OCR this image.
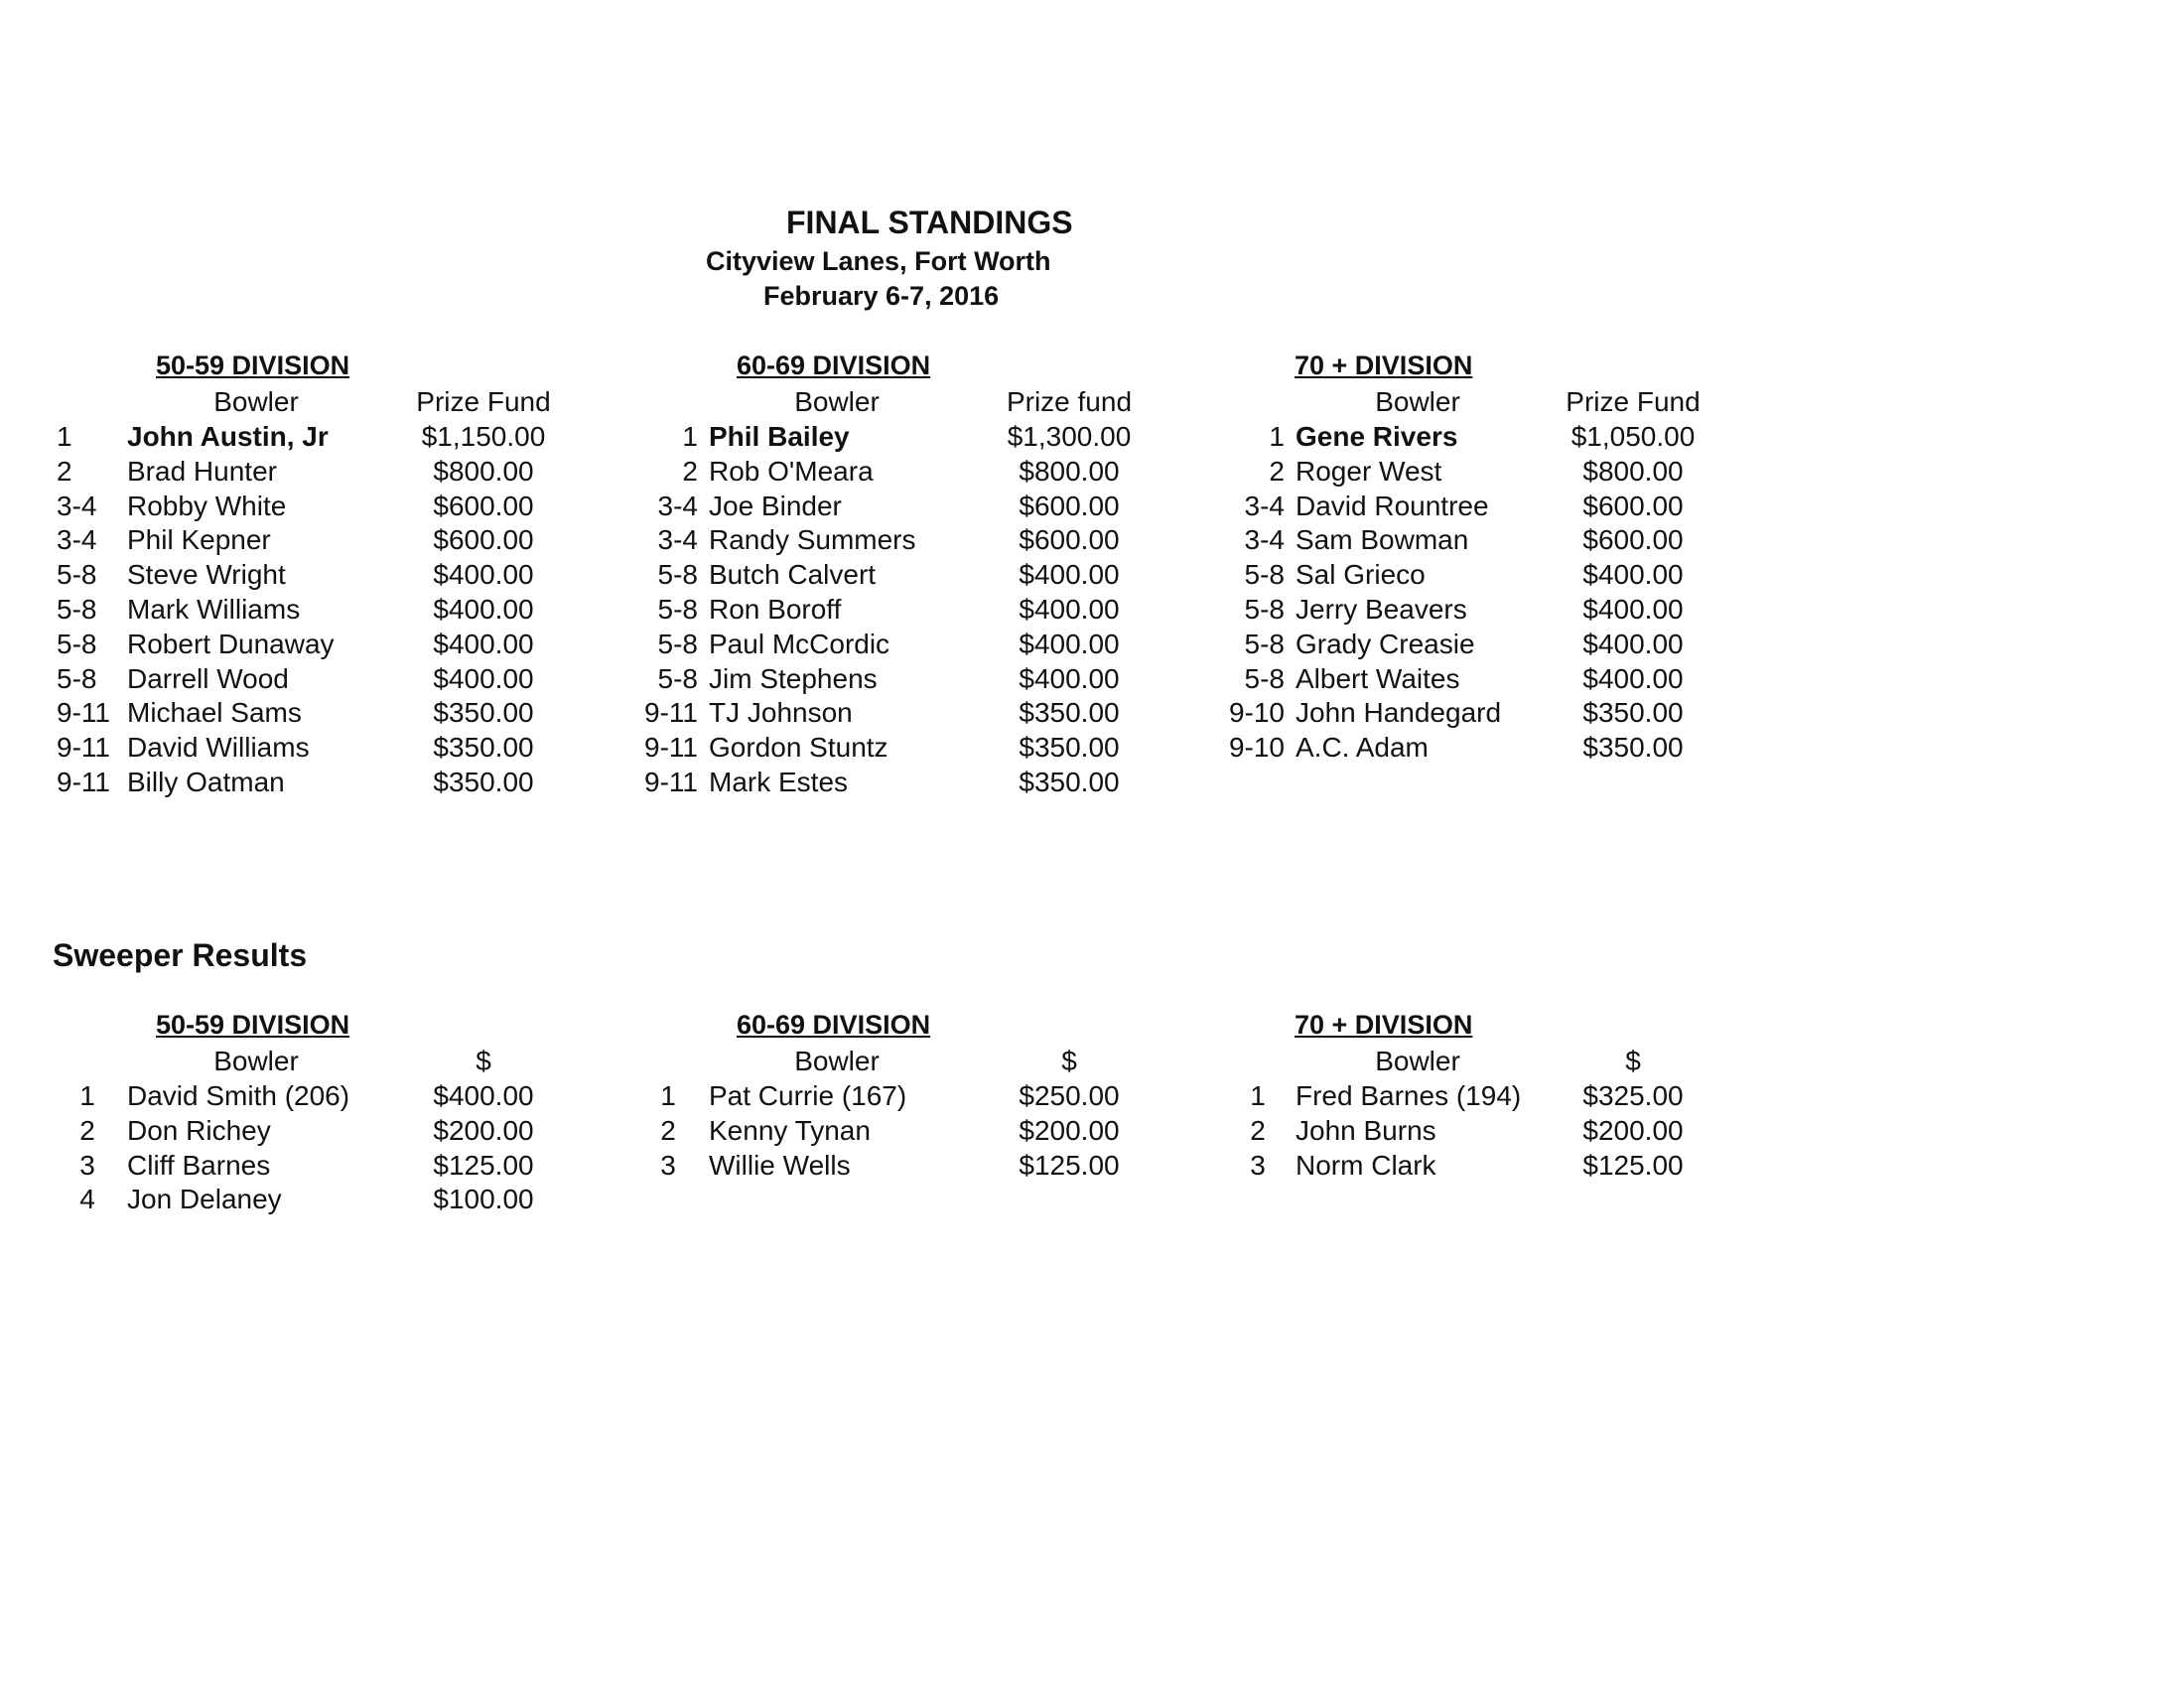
FINAL STANDINGS
Cityview Lanes, Fort Worth
February 6-7, 2016
50-59 DIVISION
Bowler	Prize Fund
1 John Austin, Jr	$1,150.00
2 Brad Hunter	$800.00
3-4 Robby White	$600.00
3-4 Phil Kepner	$600.00
5-8 Steve Wright	$400.00
5-8 Mark Williams	$400.00
5-8 Robert Dunaway	$400.00
5-8 Darrell Wood	$400.00
9-11 Michael Sams	$350.00
9-11 David Williams	$350.00
9-11 Billy Oatman	$350.00
60-69 DIVISION
Bowler	Prize fund
1 Phil Bailey	$1,300.00
2 Rob O'Meara	$800.00
3-4 Joe Binder	$600.00
3-4 Randy Summers	$600.00
5-8 Butch Calvert	$400.00
5-8 Ron Boroff	$400.00
5-8 Paul McCordic	$400.00
5-8 Jim Stephens	$400.00
9-11 TJ Johnson	$350.00
9-11 Gordon Stuntz	$350.00
9-11 Mark Estes	$350.00
70 + DIVISION
Bowler	Prize Fund
1 Gene Rivers	$1,050.00
2 Roger West	$800.00
3-4 David Rountree	$600.00
3-4 Sam Bowman	$600.00
5-8 Sal Grieco	$400.00
5-8 Jerry Beavers	$400.00
5-8 Grady Creasie	$400.00
5-8 Albert Waites	$400.00
9-10 John Handegard	$350.00
9-10 A.C. Adam	$350.00
Sweeper Results
50-59 DIVISION
Bowler	$
1	David Smith (206)	$400.00
2	Don Richey	$200.00
3	Cliff Barnes	$125.00
4	Jon Delaney	$100.00
60-69 DIVISION
Bowler	$
1	Pat Currie (167)	$250.00
2	Kenny Tynan	$200.00
3	Willie Wells	$125.00
70 + DIVISION
Bowler	$
1	Fred Barnes (194)	$325.00
2	John Burns	$200.00
3	Norm Clark	$125.00
